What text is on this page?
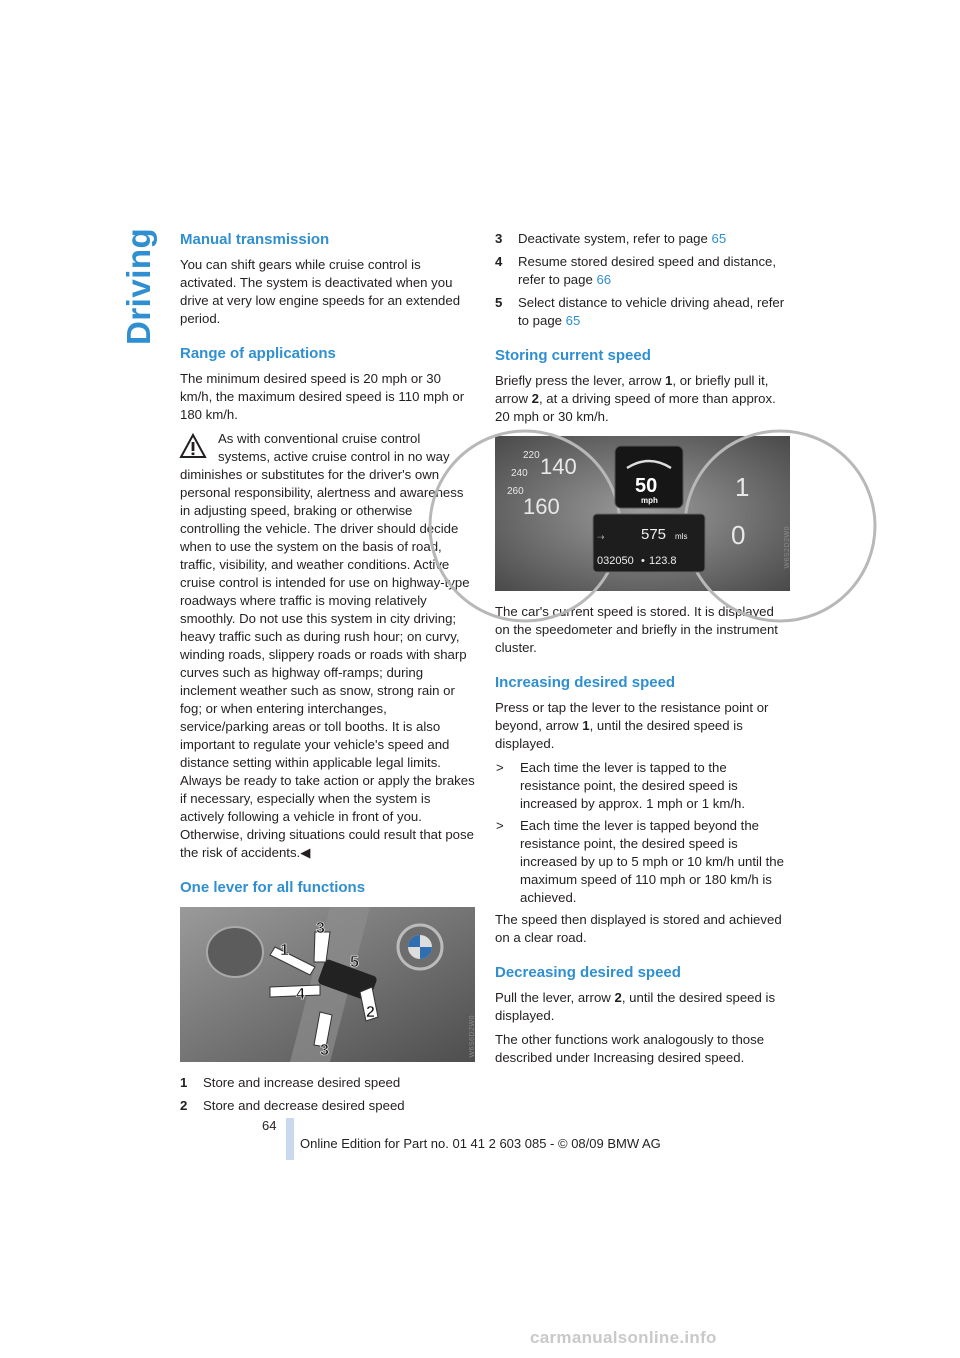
Driving Manual transmission

You can shift gears while cruise control is activated. The system is deactivated when you drive at very low engine speeds for an extended period.

Range of applications

The minimum desired speed is 20 mph or 30 km/h, the maximum desired speed is 110 mph or 180 km/h.

As with conventional cruise control systems, active cruise control in no way diminishes or substitutes for the driver's own personal responsibility, alertness and awareness in adjusting speed, braking or otherwise controlling the vehicle. The driver should decide when to use the system on the basis of road, traffic, visibility, and weather conditions. Active cruise control is intended for use on highway-type roadways where traffic is moving relatively smoothly. Do not use this system in city driving; heavy traffic such as during rush hour; on curvy, winding roads, slippery roads or roads with sharp curves such as highway off-ramps; during inclement weather such as snow, strong rain or fog; or when entering interchanges, service/parking areas or toll booths. It is also important to regulate your vehicle's speed and distance setting within applicable legal limits. Always be ready to take action or apply the brakes if necessary, especially when the system is actively following a vehicle in front of you. Otherwise, driving situations could result that pose the risk of accidents.◀

One lever for all functions
1
2
3
3
4
5
W6S6D2W0
1	Store and increase desired speed
2	Store and decrease desired speed
3	Deactivate system, refer to page 65
4	Resume stored desired speed and distance, refer to page 66
5	Select distance to vehicle driving ahead, refer to page 65
Storing current speed

Briefly press the lever, arrow 1, or briefly pull it, arrow 2, at a driving speed of more than approx. 20 mph or 30 km/h.

220
240
260
140
160
1
0
50
mph
⇢ 575 mls
032050 • 123.8	W6S2D2W0

The car's current speed is stored. It is displayed on the speedometer and briefly in the instrument cluster.

Increasing desired speed

Press or tap the lever to the resistance point or beyond, arrow 1, until the desired speed is displayed.

>	Each time the lever is tapped to the resistance point, the desired speed is increased by approx. 1 mph or 1 km/h.
>	Each time the lever is tapped beyond the resistance point, the desired speed is increased by up to 5 mph or 10 km/h until the maximum speed of 110 mph or 180 km/h is achieved.

The speed then displayed is stored and achieved on a clear road.

Decreasing desired speed

Pull the lever, arrow 2, until the desired speed is displayed.

The other functions work analogously to those described under Increasing desired speed.

64
Online Edition for Part no. 01 41 2 603 085 - © 08/09 BMW AG
carmanualsonline.info
